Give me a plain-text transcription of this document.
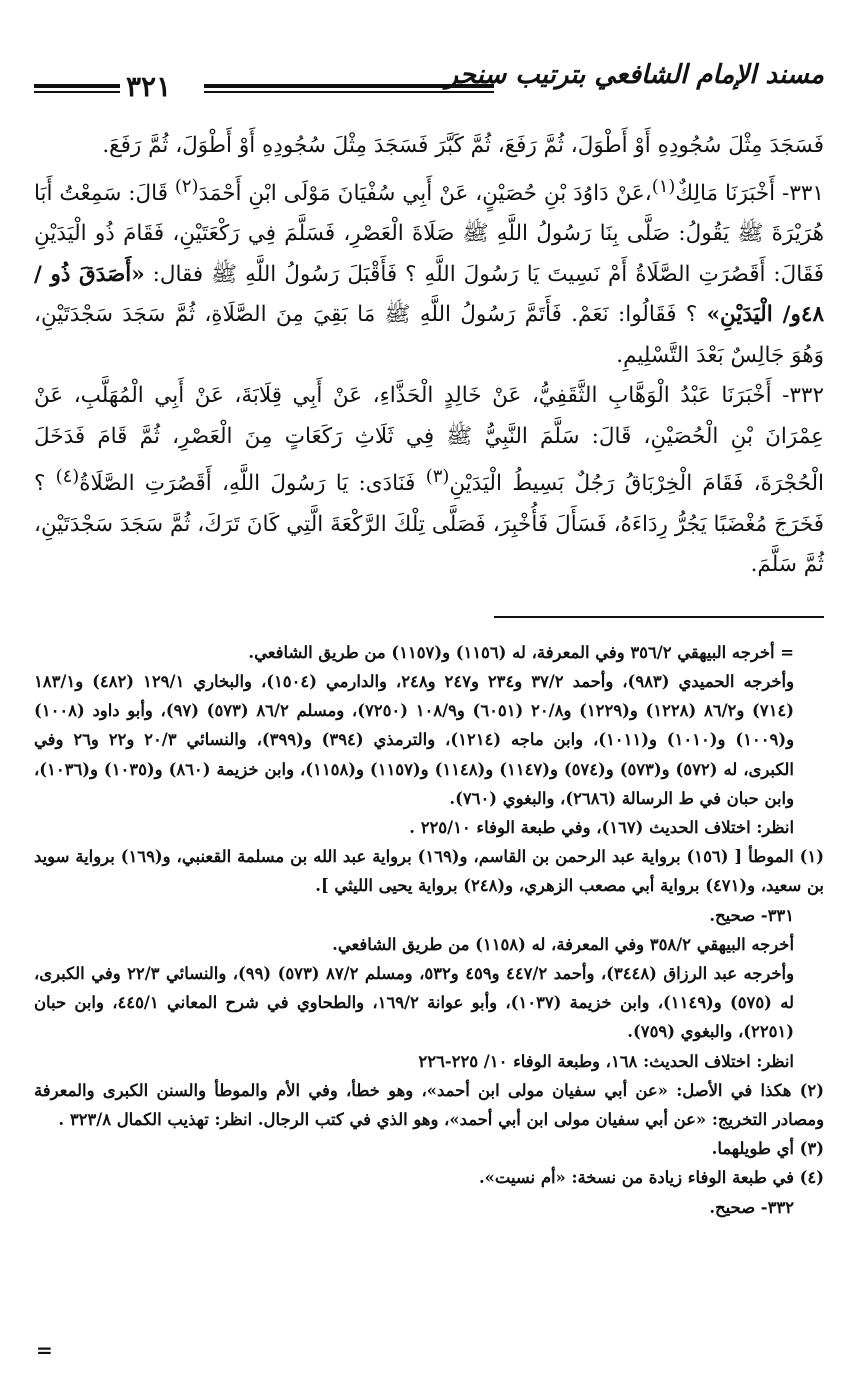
مسند الإمام الشافعي بترتيب سنجر
٣٢١

فَسَجَدَ مِثْلَ سُجُودِهِ أَوْ أَطْوَلَ، ثُمَّ رَفَعَ، ثُمَّ كَبَّرَ فَسَجَدَ مِثْلَ سُجُودِهِ أَوْ أَطْوَلَ، ثُمَّ رَفَعَ.

٣٣١- أَخْبَرَنَا مَالِكٌ$^{(١)}$،عَنْ دَاوُدَ بْنِ حُصَيْنٍ، عَنْ أَبِي سُفْيَانَ مَوْلَى ابْنِ أَحْمَدَ$^{(٢)}$ قَالَ: سَمِعْتُ أَبَا هُرَيْرَةَ ﷺ يَقُولُ: صَلَّى بِنَا رَسُولُ اللَّهِ ﷺ صَلَاةَ الْعَصْرِ، فَسَلَّمَ فِي رَكْعَتَيْنِ، فَقَامَ ذُو الْيَدَيْنِ فَقَالَ: أَقَصُرَتِ الصَّلَاةُ أَمْ نَسِيتَ يَا رَسُولَ اللَّهِ ؟ فَأَقْبَلَ رَسُولُ اللَّهِ ﷺ فقال: «أَصَدَقَ ذُو /٤٨و/ الْيَدَيْنِ» ؟ فَقَالُوا: نَعَمْ. فَأَتَمَّ رَسُولُ اللَّهِ ﷺ مَا بَقِيَ مِنَ الصَّلَاةِ، ثُمَّ سَجَدَ سَجْدَتَيْنِ، وَهُوَ جَالِسٌ بَعْدَ التَّسْلِيمِ.

٣٣٢- أَخْبَرَنَا عَبْدُ الْوَهَّابِ الثَّقَفِيُّ، عَنْ خَالِدٍ الْحَذَّاءِ، عَنْ أَبِي قِلَابَةَ، عَنْ أَبِي الْمُهَلَّبِ، عَنْ عِمْرَانَ بْنِ الْحُصَيْنِ، قَالَ: سَلَّمَ النَّبِيُّ ﷺ فِي ثَلَاثِ رَكَعَاتٍ مِنَ الْعَصْرِ، ثُمَّ قَامَ فَدَخَلَ الْحُجْرَةَ، فَقَامَ الْخِرْبَاقُ رَجُلٌ بَسِيطُ الْيَدَيْنِ$^{(٣)}$ فَنَادَى: يَا رَسُولَ اللَّهِ، أَقَصُرَتِ الصَّلَاةُ$^{(٤)}$ ؟ فَخَرَجَ مُغْضَبًا يَجُرُّ رِدَاءَهُ، فَسَأَلَ فَأُخْبِرَ، فَصَلَّى تِلْكَ الرَّكْعَةَ الَّتِي كَانَ تَرَكَ، ثُمَّ سَجَدَ سَجْدَتَيْنِ، ثُمَّ سَلَّمَ.

= أخرجه البيهقي ٣٥٦/٢ وفي المعرفة، له (١١٥٦) و(١١٥٧) من طريق الشافعي.

وأخرجه الحميدي (٩٨٣)، وأحمد ٣٧/٢ و٢٣٤ و٢٤٧ و٢٤٨، والدارمي (١٥٠٤)، والبخاري ١٢٩/١ (٤٨٢) و١٨٣/١ (٧١٤) و٨٦/٢ (١٢٢٨) و(١٢٢٩) و٢٠/٨ (٦٠٥١) و١٠٨/٩ (٧٢٥٠)، ومسلم ٨٦/٢ (٥٧٣) (٩٧)، وأبو داود (١٠٠٨) و(١٠٠٩) و(١٠١٠) و(١٠١١)، وابن ماجه (١٢١٤)، والترمذي (٣٩٤) و(٣٩٩)، والنسائي ٢٠/٣ و٢٢ و٢٦ وفي الكبرى، له (٥٧٢) و(٥٧٣) و(٥٧٤) و(١١٤٧) و(١١٤٨) و(١١٥٧) و(١١٥٨)، وابن خزيمة (٨٦٠) و(١٠٣٥) و(١٠٣٦)، وابن حبان في ط الرسالة (٢٦٨٦)، والبغوي (٧٦٠).

انظر: اختلاف الحديث (١٦٧)، وفي طبعة الوفاء ٢٢٥/١٠ .

(١) الموطأ [ (١٥٦) برواية عبد الرحمن بن القاسم، و(١٦٩) برواية عبد الله بن مسلمة القعنبي، و(١٦٩) برواية سويد بن سعيد، و(٤٧١) برواية أبي مصعب الزهري، و(٢٤٨) برواية يحيى الليثي ].

٣٣١- صحيح.

أخرجه البيهقي ٣٥٨/٢ وفي المعرفة، له (١١٥٨) من طريق الشافعي.

وأخرجه عبد الرزاق (٣٤٤٨)، وأحمد ٤٤٧/٢ و٤٥٩ و٥٣٢، ومسلم ٨٧/٢ (٥٧٣) (٩٩)، والنسائي ٢٢/٣ وفي الكبرى، له (٥٧٥) و(١١٤٩)، وابن خزيمة (١٠٣٧)، وأبو عوانة ١٦٩/٢، والطحاوي في شرح المعاني ٤٤٥/١، وابن حبان (٢٢٥١)، والبغوي (٧٥٩).

انظر: اختلاف الحديث: ١٦٨، وطبعة الوفاء ١٠/ ٢٢٥-٢٢٦

(٢) هكذا في الأصل: «عن أبي سفيان مولى ابن أحمد»، وهو خطأ، وفي الأم والموطأ والسنن الكبرى والمعرفة ومصادر التخريج: «عن أبي سفيان مولى ابن أبي أحمد»، وهو الذي في كتب الرجال. انظر: تهذيب الكمال ٣٢٣/٨ .

(٣) أي طويلهما.

(٤) في طبعة الوفاء زيادة من نسخة: «أم نسيت».

٣٣٢- صحيح.

=
